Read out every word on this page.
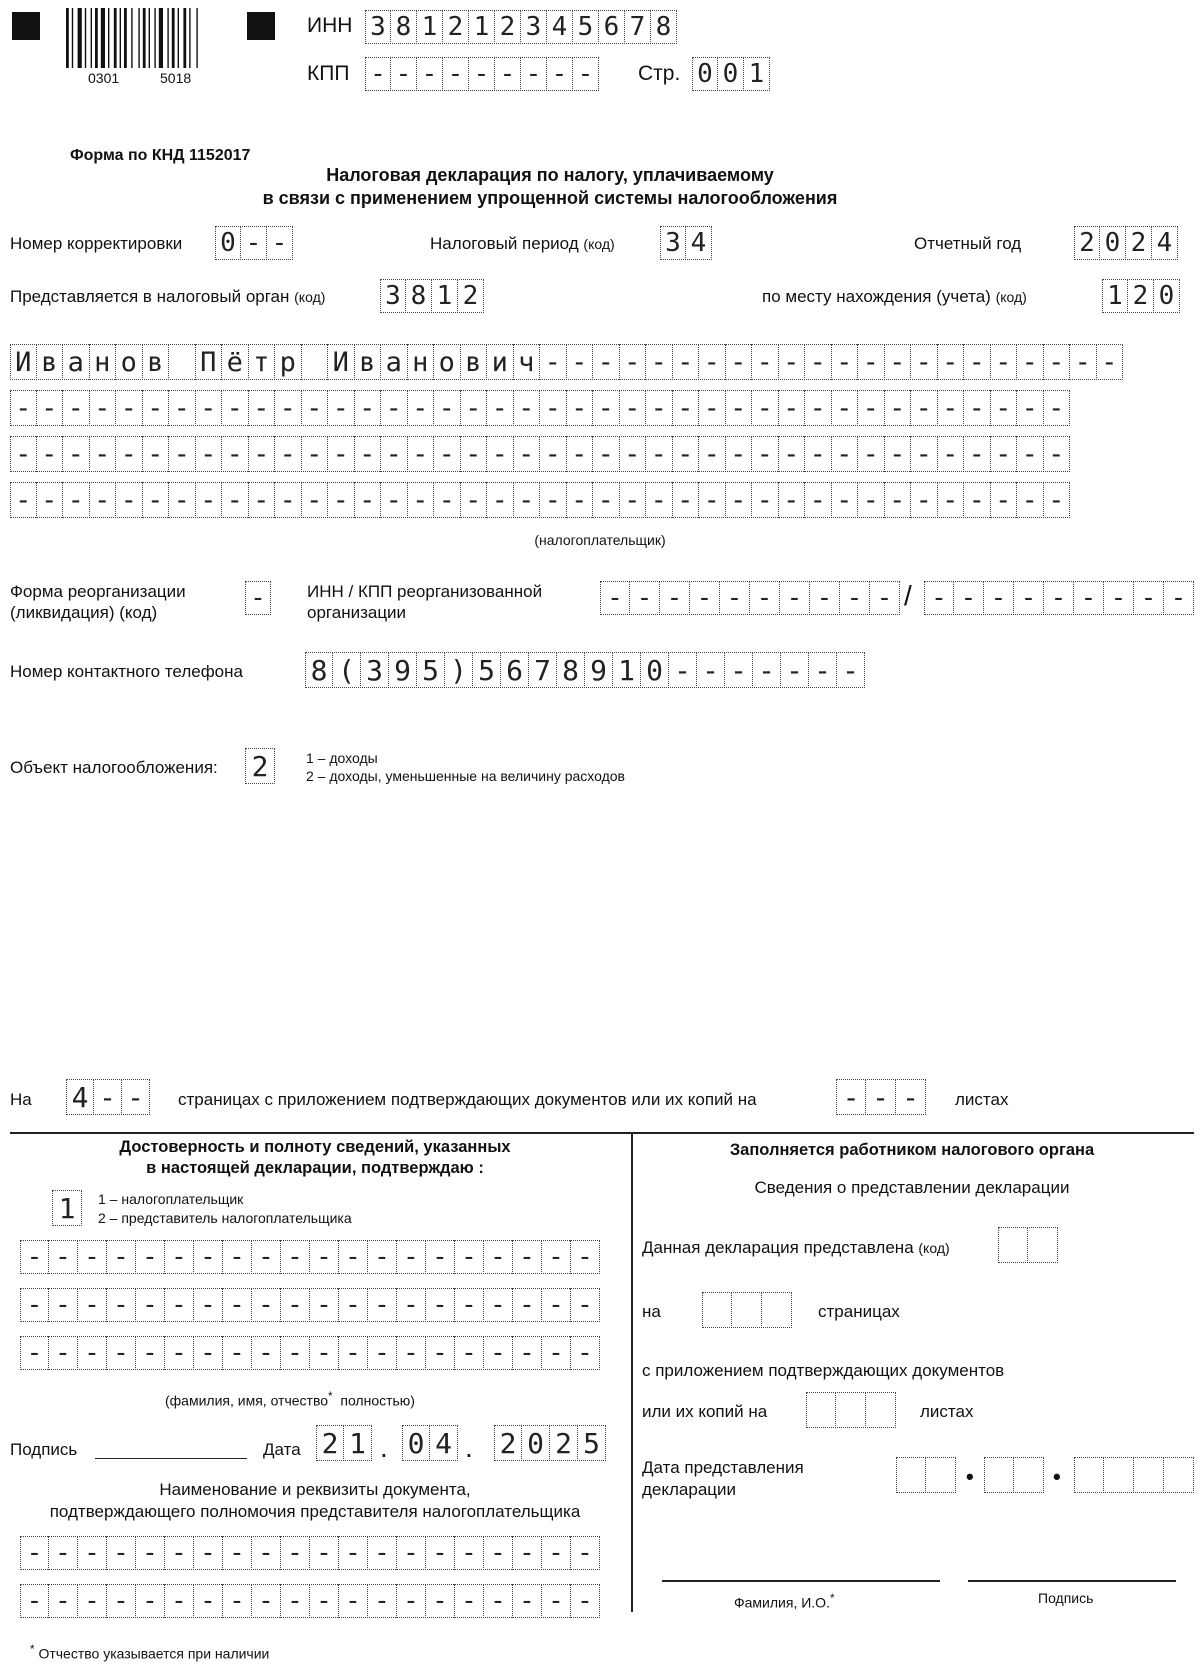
0301	5018
ИНН 3 8 1 2 1 2 3 4 5 6 7 8
КПП - - - - - - - - - Стр. 0 0 1
Форма по КНД 1152017
Налоговая декларация по налогу, уплачиваемому
в связи с применением упрощенной системы налогообложения
Номер корректировки 0 - -	Налоговый период (код) 3 4	Отчетный год 2 0 2 4
Представляется в налоговый орган (код) 3 8 1 2	по месту нахождения (учета) (код)	1 2 0
И в а н о в П ё т р И в а н о в и ч - - - - - - - - - - - - - - - - - - - - - -
- - - - - - - - - - - - - - - - - - - - - - - - - - - - - - - - - - - - - - - -
- - - - - - - - - - - - - - - - - - - - - - - - - - - - - - - - - - - - - - - -
- - - - - - - - - - - - - - - - - - - - - - - - - - - - - - - - - - - - - - - -
(налогоплательщик)
Форма реорганизации
(ликвидация) (код)	-	ИНН / КПП реорганизованной
организации	- - - - - - - - - - / - - - - - - - - -
Номер контактного телефона 8 ( 3 9 5 ) 5 6 7 8 9 1 0 - - - - - - -
Объект налогообложения: 2	1 – доходы
2 – доходы, уменьшенные на величину расходов
На 4 - -	страницах с приложением подтверждающих документов или их копий на	- - -	листах
Достоверность и полноту сведений, указанных
в настоящей декларации, подтверждаю :
1	1 – налогоплательщик
2 – представитель налогоплательщика
- - - - - - - - - - - - - - - - - - - -
- - - - - - - - - - - - - - - - - - - -
- - - - - - - - - - - - - - - - - - - -
(фамилия, имя, отчество* полностью)
Подпись	Дата 2 1 . 0 4 . 2 0 2 5
Наименование и реквизиты документа,
подтверждающего полномочия представителя налогоплательщика
- - - - - - - - - - - - - - - - - - - -
- - - - - - - - - - - - - - - - - - - -
Заполняется работником налогового органа
Сведения о представлении декларации
Данная декларация представлена (код)
на	страницах
с приложением подтверждающих документов
или их копий на	листах
Дата представления
декларации
•	•
Фамилия, И.О.*	Подпись
* Отчество указывается при наличии
